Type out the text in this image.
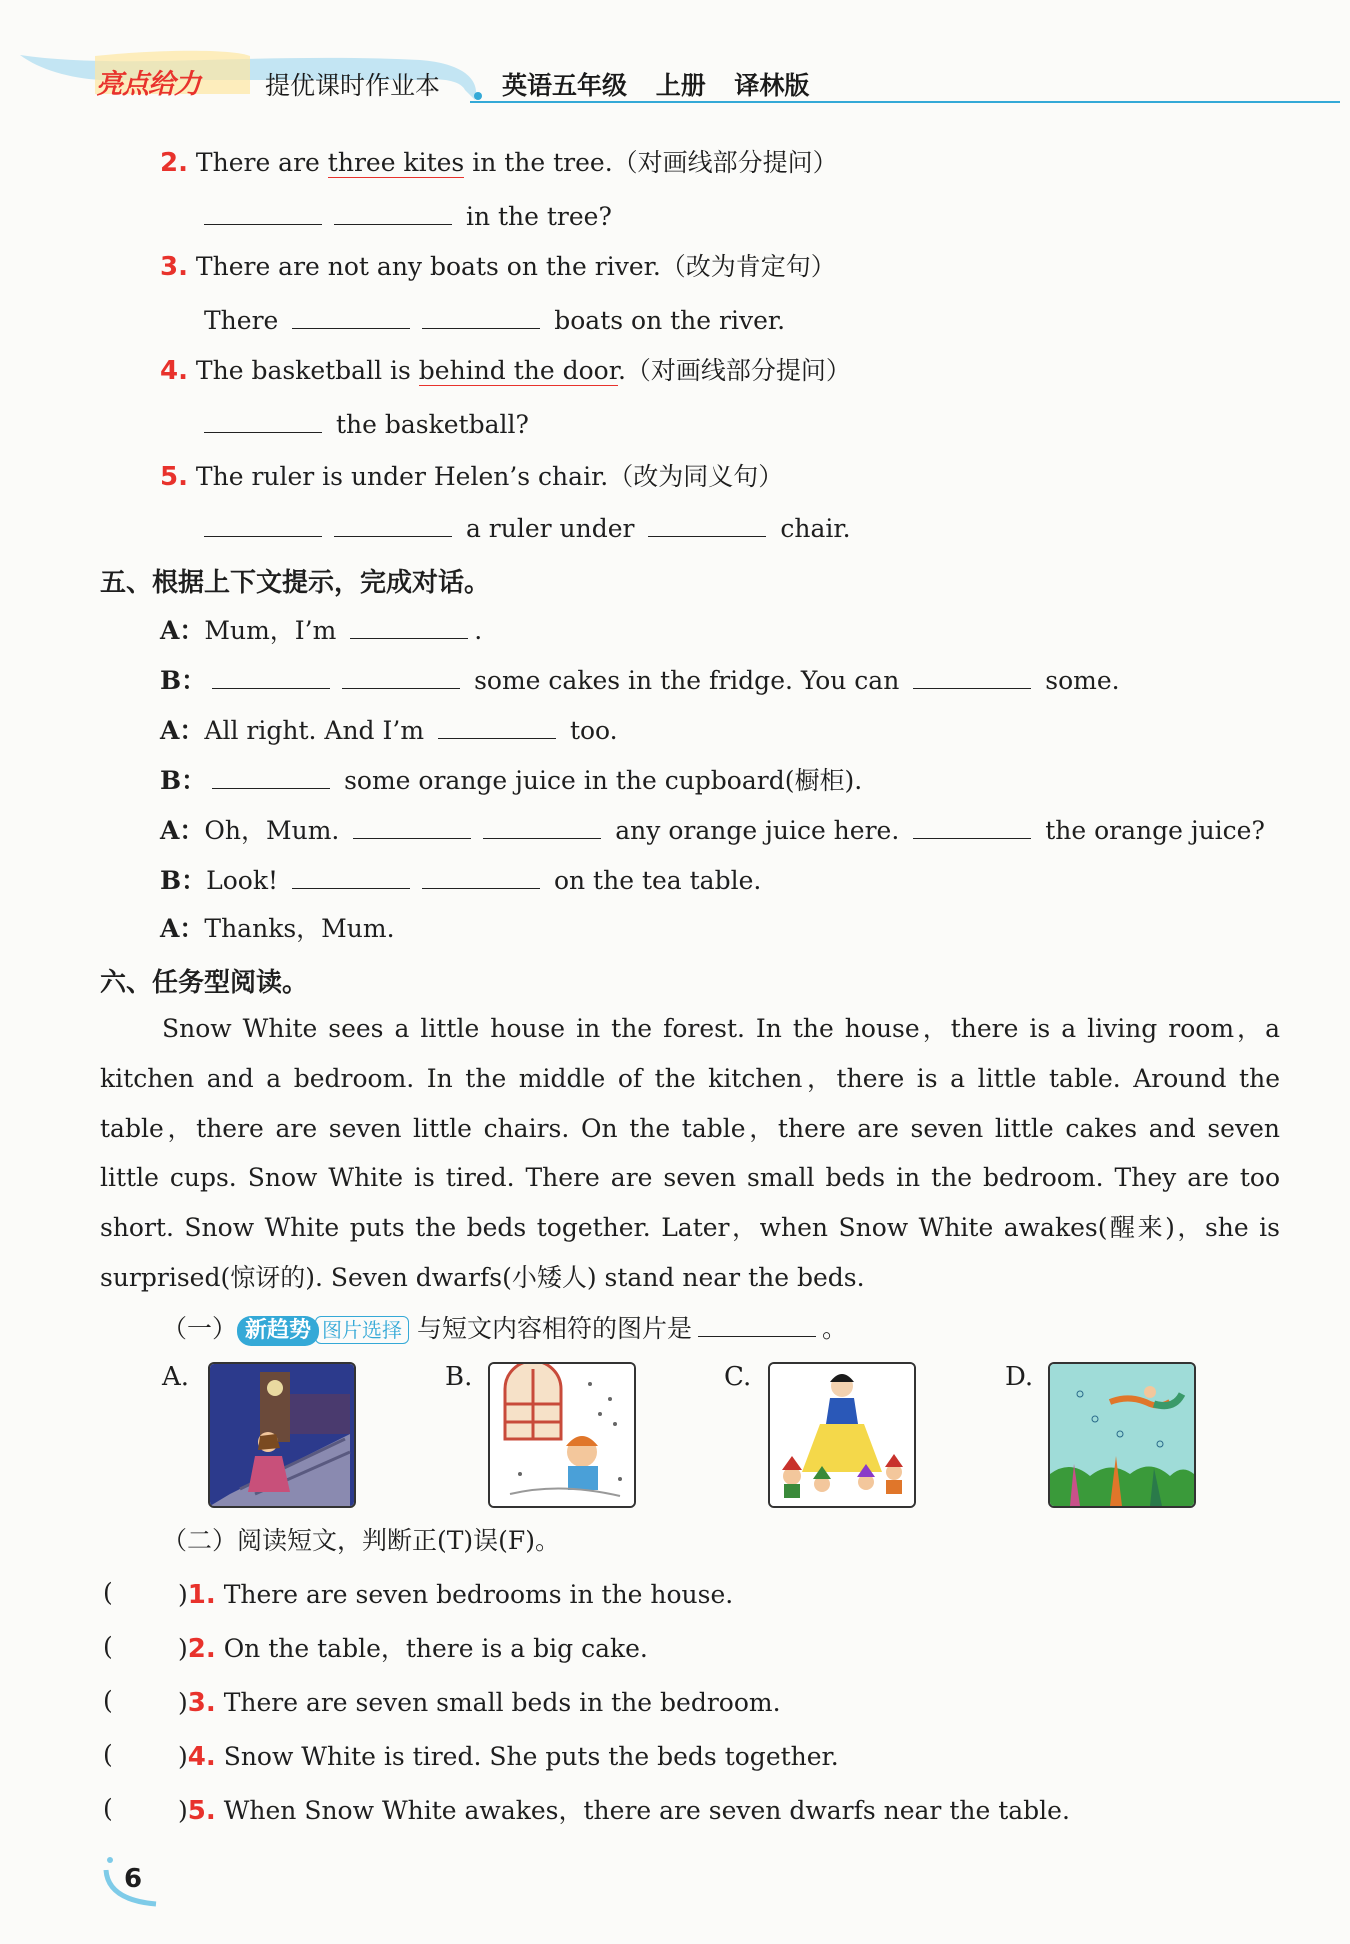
亮点给力	提优课时作业本 英语五年级 上册 译林版
2. There are three kites in the tree.（对画线部分提问）
in the tree?
3. There are not any boats on the river.（改为肯定句）
There	boats on the river.
4. The basketball is behind the door.（对画线部分提问）
the basketball?
5. The ruler is under Helen’s chair.（改为同义句）
a ruler under	chair.
五、根据上下文提示，完成对话。
A：Mum，I’m	.
B：	some cakes in the fridge. You can	some.
A：All right. And I’m	too.
B：	some orange juice in the cupboard(橱柜).
A：Oh，Mum.	any orange juice here.	the orange juice?
B：Look!	on the tea table.
A：Thanks，Mum.
六、任务型阅读。

Snow White sees a little house in the forest. In the house，there is a living room，a kitchen and a bedroom. In the middle of the kitchen，there is a little table. Around the table，there are seven little chairs. On the table，there are seven little cakes and seven little cups. Snow White is tired. There are seven small beds in the bedroom. They are too short. Snow White puts the beds together. Later，when Snow White awakes(醒来)，she is surprised(惊讶的). Seven dwarfs(小矮人) stand near the beds.

（一） 新趋势 图片选择 与短文内容相符的图片是	。
A.	B.	C.	D.
（二）阅读短文，判断正(T)误(F)。
(	)1. There are seven bedrooms in the house.
(	)2. On the table，there is a big cake.
(	)3. There are seven small beds in the bedroom.
(	)4. Snow White is tired. She puts the beds together.
(	)5. When Snow White awakes，there are seven dwarfs near the table.
6
